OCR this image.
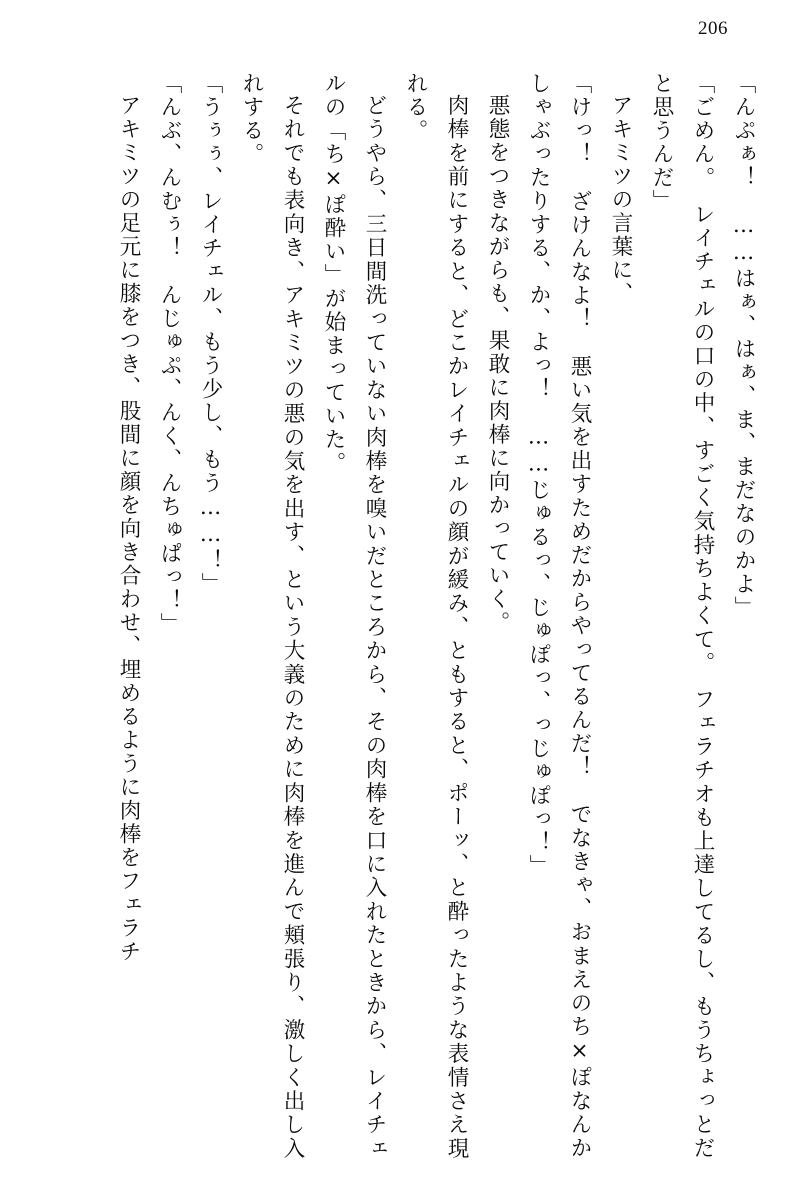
206

「んぷぁ！　……はぁ、はぁ、ま、まだなのかよ」

「ごめん。　レイチェルの口の中、すごく気持ちよくて。　フェラチオも上達してるし、もうちょっとだと思うんだ」

アキミツの言葉に、

「けっ！　ざけんなよ！　悪い気を出すためだからやってるんだ！　でなきゃ、おまえのち×ぽなんかしゃぶったりする、か、よっ！　……じゅるっ、じゅぽっ、っじゅぽっ！」

悪態をつきながらも、果敢に肉棒に向かっていく。

肉棒を前にすると、どこかレイチェルの顔が緩み、ともすると、ポーッ、と酔ったような表情さえ現れる。

どうやら、三日間洗っていない肉棒を嗅いだところから、その肉棒を口に入れたときから、レイチェルの「ち×ぽ酔い」が始まっていた。

それでも表向き、アキミツの悪の気を出す、という大義のために肉棒を進んで頬張り、激しく出し入れする。

「うぅぅ、レイチェル、もう少し、もう……！」

「んぶ、んむぅ！　んじゅぷ、んく、んちゅぱっ！」

アキミツの足元に膝をつき、股間に顔を向き合わせ、埋めるように肉棒をフェラチ
